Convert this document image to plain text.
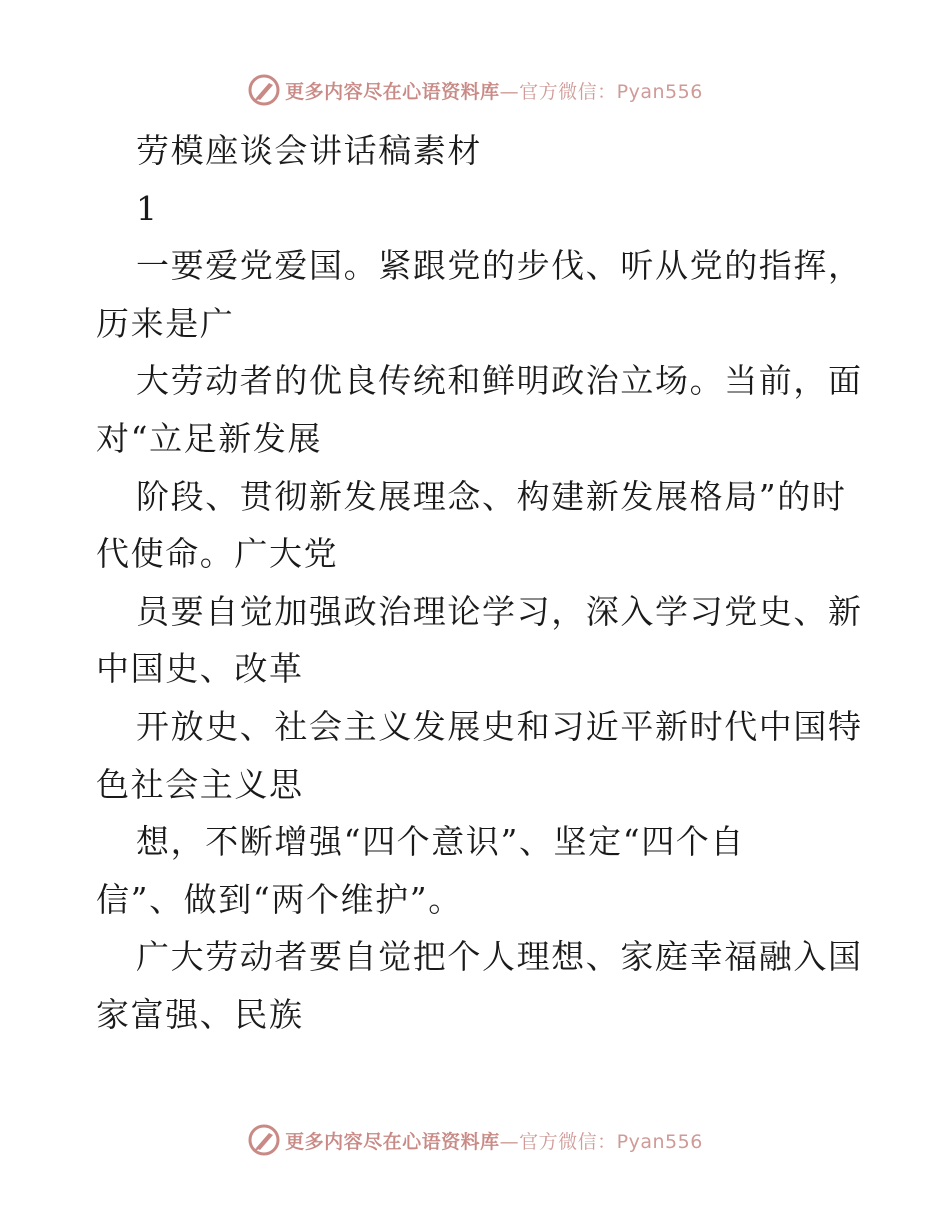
更多内容尽在心语资料库—官方微信：Pyan556
劳模座谈会讲话稿素材
1
一要爱党爱国。紧跟党的步伐、听从党的指挥，
历来是广
大劳动者的优良传统和鲜明政治立场。当前，面
对“立足新发展
阶段、贯彻新发展理念、构建新发展格局”的时
代使命。广大党
员要自觉加强政治理论学习，深入学习党史、新
中国史、改革
开放史、社会主义发展史和习近平新时代中国特
色社会主义思
想，不断增强“四个意识”、坚定“四个自
信”、做到“两个维护”。
广大劳动者要自觉把个人理想、家庭幸福融入国
家富强、民族
更多内容尽在心语资料库—官方微信：Pyan556
